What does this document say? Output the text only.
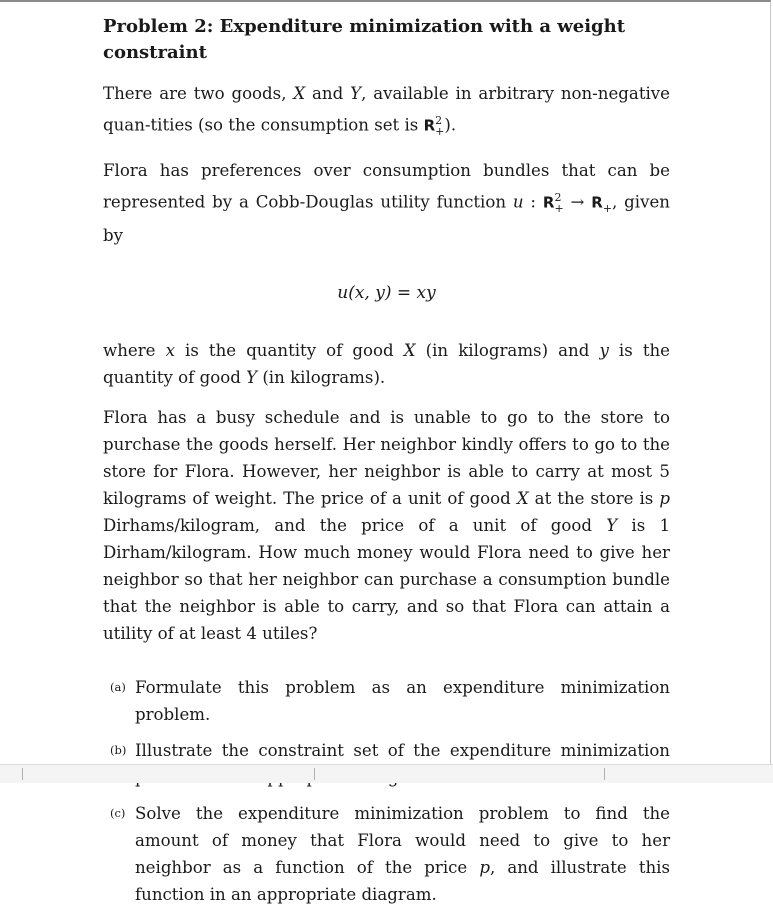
Problem 2: Expenditure minimization with a weight constraint

There are two goods, X and Y, available in arbitrary non-negative quan-tities (so the consumption set is $R^2_+$).

Flora has preferences over consumption bundles that can be represented by a Cobb-Douglas utility function u : $R^2_+ \to R_+$, given by

u(x, y) = xy

where x is the quantity of good X (in kilograms) and y is the quantity of good Y (in kilograms).

Flora has a busy schedule and is unable to go to the store to purchase the goods herself. Her neighbor kindly offers to go to the store for Flora. However, her neighbor is able to carry at most 5 kilograms of weight. The price of a unit of good X at the store is p Dirhams/kilogram, and the price of a unit of good Y is 1 Dirham/kilogram. How much money would Flora need to give her neighbor so that her neighbor can purchase a consumption bundle that the neighbor is able to carry, and so that Flora can attain a utility of at least 4 utiles?

(a) Formulate this problem as an expenditure minimization problem.
(b) Illustrate the constraint set of the expenditure minimization
(c) Solve the expenditure minimization problem to find the amount of money that Flora would need to give to her neighbor as a function of the price p, and illustrate this function in an appropriate diagram.
